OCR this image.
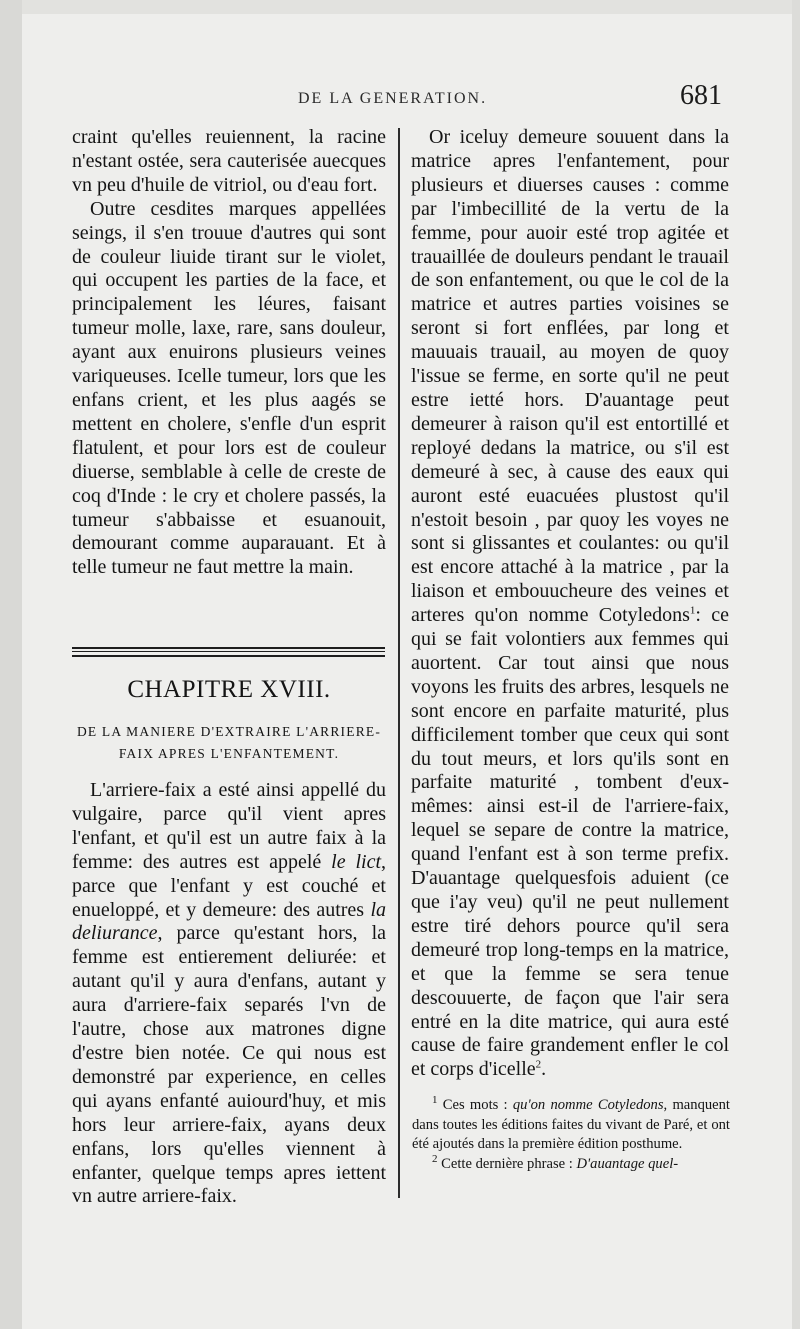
DE LA GENERATION.	681

craint qu'elles reuiennent, la racine n'estant ostée, sera cauterisée auecques vn peu d'huile de vitriol, ou d'eau fort.

Outre cesdites marques appellées seings, il s'en trouue d'autres qui sont de couleur liuide tirant sur le violet, qui occupent les parties de la face, et principalement les léures, faisant tumeur molle, laxe, rare, sans douleur, ayant aux enuirons plusieurs veines variqueuses. Icelle tumeur, lors que les enfans crient, et les plus aagés se mettent en cholere, s'enfle d'un esprit flatulent, et pour lors est de couleur diuerse, semblable à celle de creste de coq d'Inde : le cry et cholere passés, la tumeur s'abbaisse et esuanouit, demourant comme auparauant. Et à telle tumeur ne faut mettre la main.

CHAPITRE XVIII.
DE LA MANIERE D'EXTRAIRE L'ARRIERE-
FAIX APRES L'ENFANTEMENT.

L'arriere-faix a esté ainsi appellé du vulgaire, parce qu'il vient apres l'enfant, et qu'il est un autre faix à la femme: des autres est appelé le lict, parce que l'enfant y est couché et enueloppé, et y demeure: des autres la deliurance, parce qu'estant hors, la femme est entierement deliurée: et autant qu'il y aura d'enfans, autant y aura d'arriere-faix separés l'vn de l'autre, chose aux matrones digne d'estre bien notée. Ce qui nous est demonstré par experience, en celles qui ayans enfanté auiourd'huy, et mis hors leur arriere-faix, ayans deux enfans, lors qu'elles viennent à enfanter, quelque temps apres iettent vn autre arriere-faix.

Or iceluy demeure souuent dans la matrice apres l'enfantement, pour plusieurs et diuerses causes : comme par l'imbecillité de la vertu de la femme, pour auoir esté trop agitée et trauaillée de douleurs pendant le trauail de son enfantement, ou que le col de la matrice et autres parties voisines se seront si fort enflées, par long et mauuais trauail, au moyen de quoy l'issue se ferme, en sorte qu'il ne peut estre ietté hors. D'auantage peut demeurer à raison qu'il est entortillé et reployé dedans la matrice, ou s'il est demeuré à sec, à cause des eaux qui auront esté euacuées plustost qu'il n'estoit besoin , par quoy les voyes ne sont si glissantes et coulantes: ou qu'il est encore attaché à la matrice , par la liaison et embouucheure des veines et arteres qu'on nomme Cotyledons$^1$: ce qui se fait volontiers aux femmes qui auortent. Car tout ainsi que nous voyons les fruits des arbres, lesquels ne sont encore en parfaite maturité, plus difficilement tomber que ceux qui sont du tout meurs, et lors qu'ils sont en parfaite maturité , tombent d'eux-mêmes: ainsi est-il de l'arriere-faix, lequel se separe de contre la matrice, quand l'enfant est à son terme prefix. D'auantage quelquesfois aduient (ce que i'ay veu) qu'il ne peut nullement estre tiré dehors pource qu'il sera demeuré trop long-temps en la matrice, et que la femme se sera tenue descouuerte, de façon que l'air sera entré en la dite matrice, qui aura esté cause de faire grandement enfler le col et corps d'icelle$^2$.

$^1$ Ces mots : qu'on nomme Cotyledons, manquent dans toutes les éditions faites du vivant de Paré, et ont été ajoutés dans la première édition posthume.

$^2$ Cette dernière phrase : D'auantage quel-
